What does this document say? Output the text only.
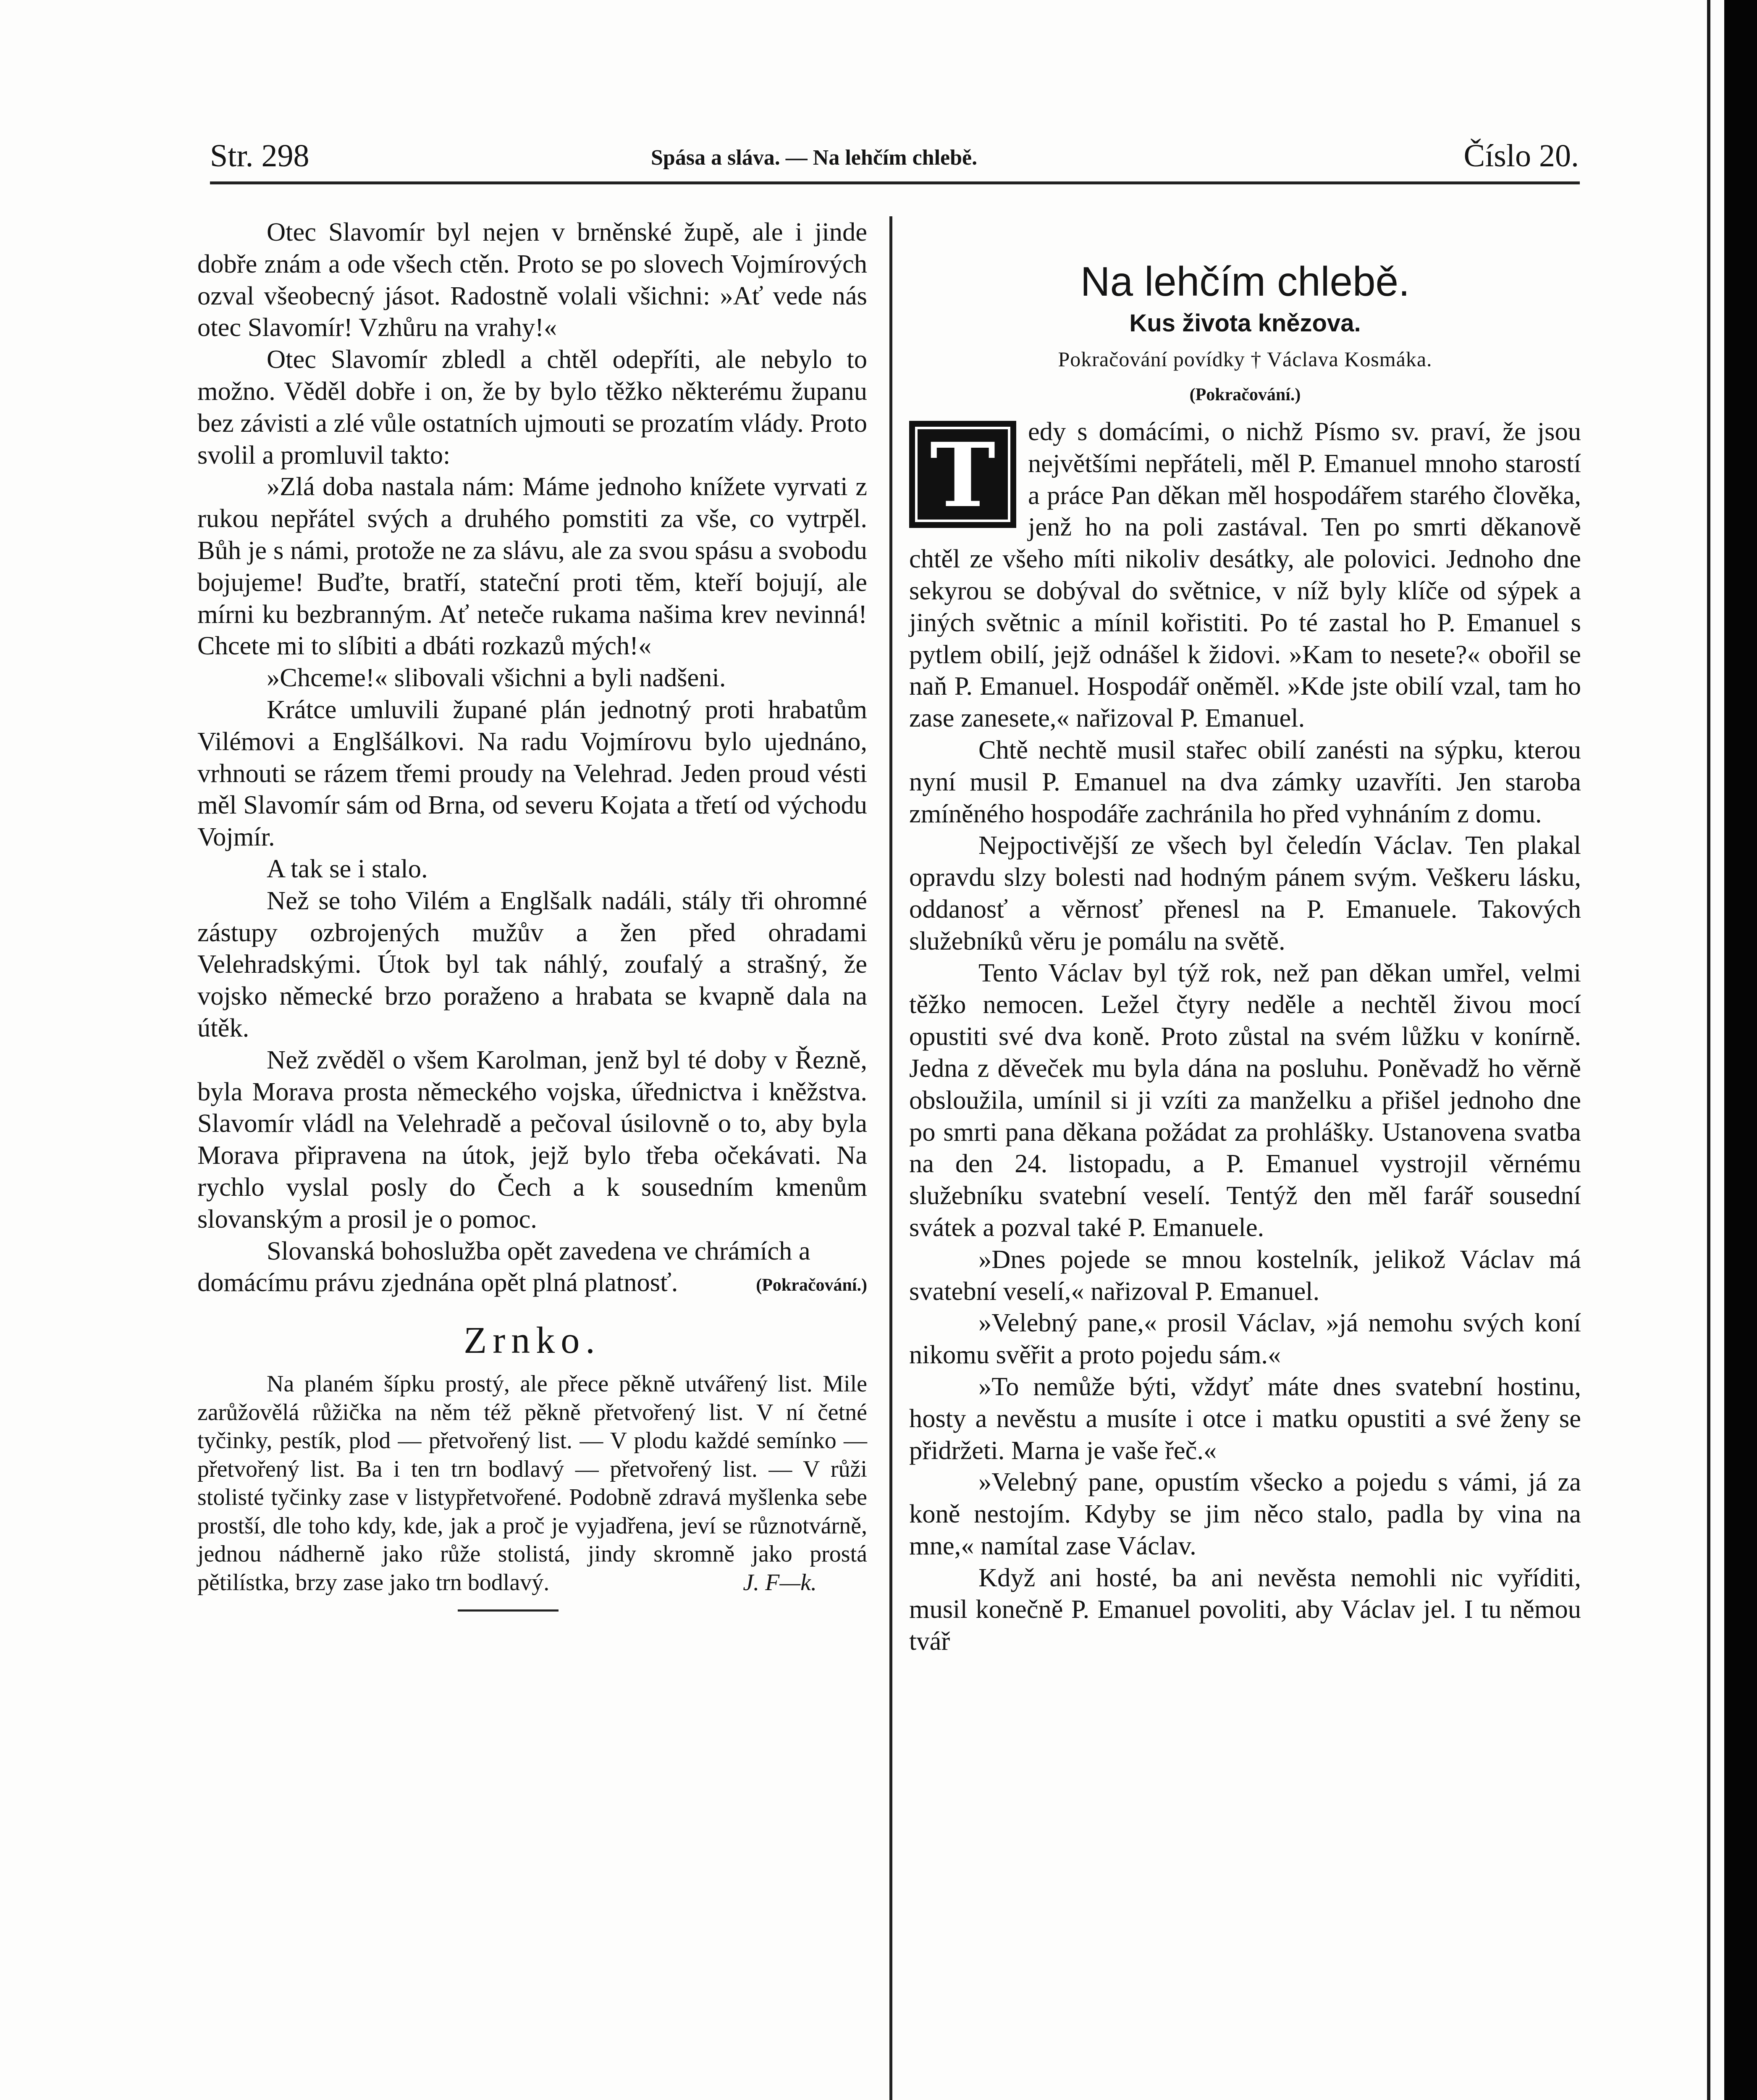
Str. 298	Spása a sláva. — Na lehčím chlebě.	Číslo 20.

Otec Slavomír byl nejen v brněnské župě, ale i jinde dobře znám a ode všech ctěn. Proto se po slovech Vojmírových ozval všeobecný jásot. Radostně volali všichni: »Ať vede nás otec Slavomír! Vzhůru na vrahy!«

Otec Slavomír zbledl a chtěl odepříti, ale nebylo to možno. Věděl dobře i on, že by bylo těžko některému županu bez závisti a zlé vůle ostatních ujmouti se prozatím vlády. Proto svolil a promluvil takto:

»Zlá doba nastala nám: Máme jednoho knížete vyrvati z rukou nepřátel svých a druhého pomstiti za vše, co vytrpěl. Bůh je s námi, protože ne za slávu, ale za svou spásu a svobodu bojujeme! Buďte, bratří, stateční proti těm, kteří bojují, ale mírni ku bezbranným. Ať neteče rukama našima krev nevinná! Chcete mi to slíbiti a dbáti rozkazů mých!«

»Chceme!« slibovali všichni a byli nadšeni.

Krátce umluvili župané plán jednotný proti hrabatům Vilémovi a Englšálkovi. Na radu Vojmírovu bylo ujednáno, vrhnouti se rázem třemi proudy na Velehrad. Jeden proud vésti měl Slavomír sám od Brna, od severu Kojata a třetí od východu Vojmír.

A tak se i stalo.

Než se toho Vilém a Englšalk nadáli, stály tři ohromné zástupy ozbrojených mužův a žen před ohradami Velehradskými. Útok byl tak náhlý, zoufalý a strašný, že vojsko německé brzo poraženo a hrabata se kvapně dala na útěk.

Než zvěděl o všem Karolman, jenž byl té doby v Řezně, byla Morava prosta německého vojska, úřednictva i kněžstva. Slavomír vládl na Velehradě a pečoval úsilovně o to, aby byla Morava připravena na útok, jejž bylo třeba očekávati. Na rychlo vyslal posly do Čech a k sousedním kmenům slovanským a prosil je o pomoc.

Slovanská bohoslužba opět zavedena ve chrámích a domácímu právu zjednána opět plná platnosť.	(Pokračování.)

Zrnko.

Na planém šípku prostý, ale přece pěkně utvářený list. Mile zarůžovělá růžička na něm též pěkně přetvořený list. V ní četné tyčinky, pestík, plod — přetvořený list. — V plodu každé semínko — přetvořený list. Ba i ten trn bodlavý — přetvořený list. — V růži stolisté tyčinky zase v listypřetvořené. Podobně zdravá myšlenka sebe prostší, dle toho kdy, kde, jak a proč je vyjadřena, jeví se různotvárně, jednou nádherně jako růže stolistá, jindy skromně jako prostá pětilístka, brzy zase jako trn bodlavý.	J. F—k.

Na lehčím chlebě.

Kus života knězova.

Pokračování povídky † Václava Kosmáka.

(Pokračování.)

T	edy s domácími, o nichž Písmo sv. praví, že jsou největšími nepřáteli, měl P. Emanuel mnoho starostí a práce Pan děkan měl hospodářem starého člověka, jenž ho na poli zastával. Ten po smrti děkanově chtěl ze všeho míti nikoliv desátky, ale polovici. Jednoho dne sekyrou se dobýval do světnice, v níž byly klíče od sýpek a jiných světnic a mínil kořistiti. Po té zastal ho P. Emanuel s pytlem obilí, jejž odnášel k židovi. »Kam to nesete?« obořil se naň P. Emanuel. Hospodář oněměl. »Kde jste obilí vzal, tam ho zase zanesete,« nařizoval P. Emanuel.

Chtě nechtě musil stařec obilí zanésti na sýpku, kterou nyní musil P. Emanuel na dva zámky uzavříti. Jen staroba zmíněného hospodáře zachránila ho před vyhnáním z domu.

Nejpoctivější ze všech byl čeledín Václav. Ten plakal opravdu slzy bolesti nad hodným pánem svým. Veškeru lásku, oddanosť a věrnosť přenesl na P. Emanuele. Takových služebníků věru je pomálu na světě.

Tento Václav byl týž rok, než pan děkan umřel, velmi těžko nemocen. Ležel čtyry neděle a nechtěl živou mocí opustiti své dva koně. Proto zůstal na svém lůžku v konírně. Jedna z děveček mu byla dána na posluhu. Poněvadž ho věrně obsloužila, umínil si ji vzíti za manželku a přišel jednoho dne po smrti pana děkana požádat za prohlášky. Ustanovena svatba na den 24. listopadu, a P. Emanuel vystrojil věrnému služebníku svatební veselí. Tentýž den měl farář sousední svátek a pozval také P. Emanuele.

»Dnes pojede se mnou kostelník, jelikož Václav má svatební veselí,« nařizoval P. Emanuel.

»Velebný pane,« prosil Václav, »já nemohu svých koní nikomu svěřit a proto pojedu sám.«

»To nemůže býti, vždyť máte dnes svatební hostinu, hosty a nevěstu a musíte i otce i matku opustiti a své ženy se přidržeti. Marna je vaše řeč.«

»Velebný pane, opustím všecko a pojedu s vámi, já za koně nestojím. Kdyby se jim něco stalo, padla by vina na mne,« namítal zase Václav.

Když ani hosté, ba ani nevěsta nemohli nic vyříditi, musil konečně P. Emanuel povoliti, aby Václav jel. I tu němou tvář
